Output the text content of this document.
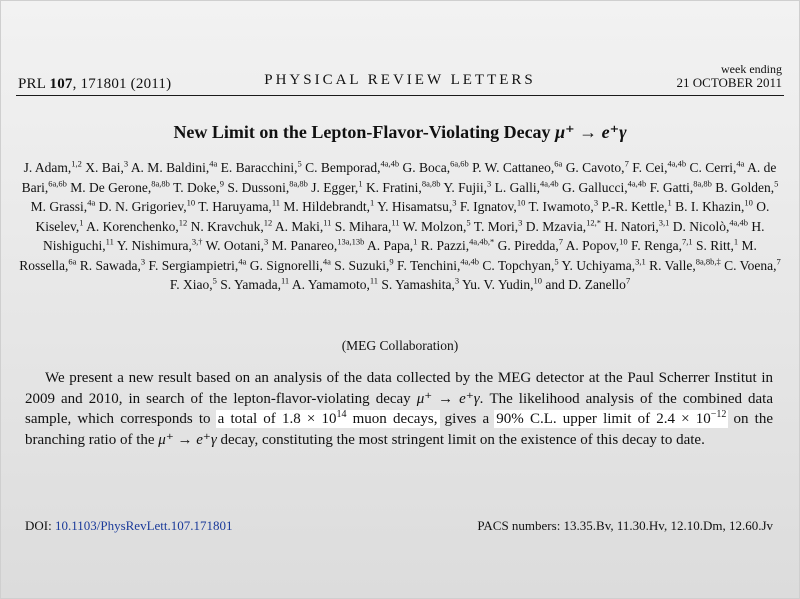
PRL 107, 171801 (2011)	PHYSICAL REVIEW LETTERS
week ending
21 OCTOBER 2011
New Limit on the Lepton-Flavor-Violating Decay μ⁺ → e⁺γ
J. Adam,$^{1,2}$ X. Bai,$^3$ A. M. Baldini,$^{4a}$ E. Baracchini,$^5$ C. Bemporad,$^{4a,4b}$ G. Boca,$^{6a,6b}$ P. W. Cattaneo,$^{6a}$ G. Cavoto,$^7$ F. Cei,$^{4a,4b}$ C. Cerri,$^{4a}$ A. de Bari,$^{6a,6b}$ M. De Gerone,$^{8a,8b}$ T. Doke,$^9$ S. Dussoni,$^{8a,8b}$ J. Egger,$^1$ K. Fratini,$^{8a,8b}$ Y. Fujii,$^3$ L. Galli,$^{4a,4b}$ G. Gallucci,$^{4a,4b}$ F. Gatti,$^{8a,8b}$ B. Golden,$^5$ M. Grassi,$^{4a}$ D. N. Grigoriev,$^{10}$ T. Haruyama,$^{11}$ M. Hildebrandt,$^1$ Y. Hisamatsu,$^3$ F. Ignatov,$^{10}$ T. Iwamoto,$^3$ P.-R. Kettle,$^1$ B. I. Khazin,$^{10}$ O. Kiselev,$^1$ A. Korenchenko,$^{12}$ N. Kravchuk,$^{12}$ A. Maki,$^{11}$ S. Mihara,$^{11}$ W. Molzon,$^5$ T. Mori,$^3$ D. Mzavia,$^{12,*}$ H. Natori,$^{3,1}$ D. Nicolò,$^{4a,4b}$ H. Nishiguchi,$^{11}$ Y. Nishimura,$^{3,\dagger}$ W. Ootani,$^3$ M. Panareo,$^{13a,13b}$ A. Papa,$^1$ R. Pazzi,$^{4a,4b,*}$ G. Piredda,$^7$ A. Popov,$^{10}$ F. Renga,$^{7,1}$ S. Ritt,$^1$ M. Rossella,$^{6a}$ R. Sawada,$^3$ F. Sergiampietri,$^{4a}$ G. Signorelli,$^{4a}$ S. Suzuki,$^9$ F. Tenchini,$^{4a,4b}$ C. Topchyan,$^5$ Y. Uchiyama,$^{3,1}$ R. Valle,$^{8a,8b,\ddagger}$ C. Voena,$^7$ F. Xiao,$^5$ S. Yamada,$^{11}$ A. Yamamoto,$^{11}$ S. Yamashita,$^3$ Yu. V. Yudin,$^{10}$ and D. Zanello$^7$
(MEG Collaboration)
We present a new result based on an analysis of the data collected by the MEG detector at the Paul Scherrer Institut in 2009 and 2010, in search of the lepton-flavor-violating decay μ⁺ → e⁺γ. The likelihood analysis of the combined data sample, which corresponds to a total of $1.8 \times 10^{14}$ muon decays, gives a 90% C.L. upper limit of $2.4 \times 10^{-12}$ on the branching ratio of the μ⁺ → e⁺γ decay, constituting the most stringent limit on the existence of this decay to date.
DOI: 10.1103/PhysRevLett.107.171801	PACS numbers: 13.35.Bv, 11.30.Hv, 12.10.Dm, 12.60.Jv
